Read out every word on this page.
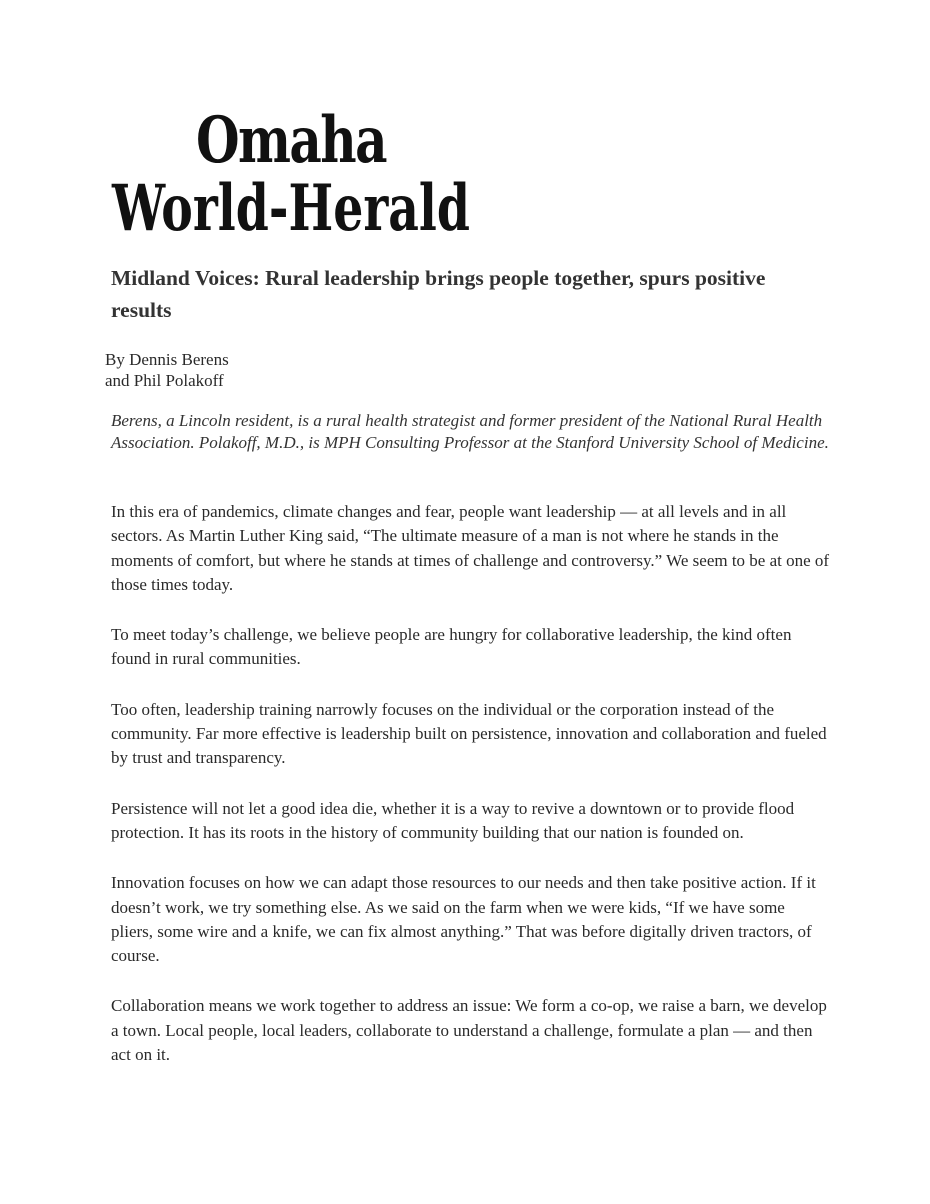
Omaha
World-Herald
Midland Voices: Rural leadership brings people together, spurs positive results
By Dennis Berens
and Phil Polakoff

Berens, a Lincoln resident, is a rural health strategist and former president of the National Rural Health Association. Polakoff, M.D., is MPH Consulting Professor at the Stanford University School of Medicine.

In this era of pandemics, climate changes and fear, people want leadership — at all levels and in all sectors. As Martin Luther King said, “The ultimate measure of a man is not where he stands in the moments of comfort, but where he stands at times of challenge and controversy.” We seem to be at one of those times today.

To meet today’s challenge, we believe people are hungry for collaborative leadership, the kind often found in rural communities.

Too often, leadership training narrowly focuses on the individual or the corporation instead of the community. Far more effective is leadership built on persistence, innovation and collaboration and fueled by trust and transparency.

Persistence will not let a good idea die, whether it is a way to revive a downtown or to provide flood protection. It has its roots in the history of community building that our nation is founded on.

Innovation focuses on how we can adapt those resources to our needs and then take positive action. If it doesn’t work, we try something else. As we said on the farm when we were kids, “If we have some pliers, some wire and a knife, we can fix almost anything.” That was before digitally driven tractors, of course.

Collaboration means we work together to address an issue: We form a co-op, we raise a barn, we develop a town. Local people, local leaders, collaborate to understand a challenge, formulate a plan — and then act on it.
